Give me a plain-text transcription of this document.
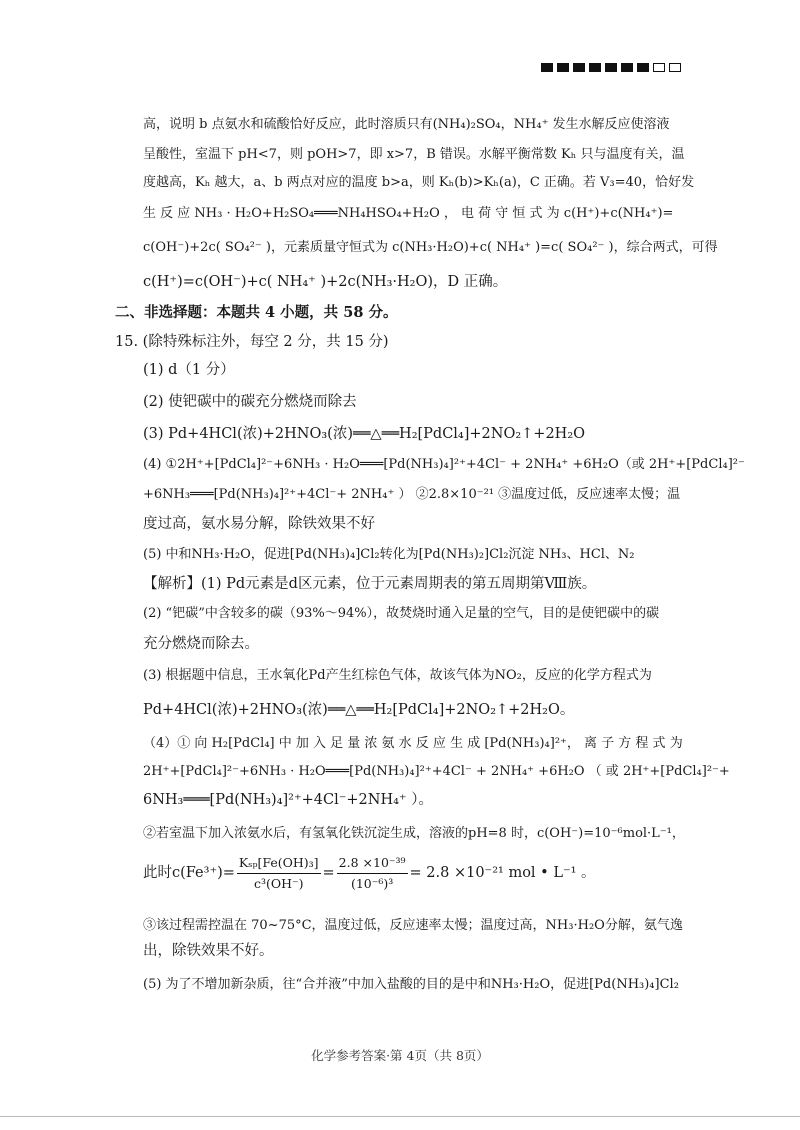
高，说明 b 点氨水和硫酸恰好反应，此时溶质只有(NH₄)₂SO₄，NH₄⁺ 发生水解反应使溶液
呈酸性，室温下 pH<7，则 pOH>7，即 x>7，B 错误。水解平衡常数 Kₕ 只与温度有关，温
度越高，Kₕ 越大，a、b 两点对应的温度 b>a，则 Kₕ(b)>Kₕ(a)，C 正确。若 V₃=40，恰好发
生 反 应 NH₃ · H₂O+H₂SO₄═══NH₄HSO₄+H₂O ， 电 荷 守 恒 式 为 c(H⁺)+c(NH₄⁺)=
c(OH⁻)+2c( SO₄²⁻ )，元素质量守恒式为 c(NH₃·H₂O)+c( NH₄⁺ )=c( SO₄²⁻ )，综合两式，可得
c(H⁺)=c(OH⁻)+c( NH₄⁺ )+2c(NH₃·H₂O)，D 正确。
二、非选择题：本题共 4 小题，共 58 分。
15. (除特殊标注外，每空 2 分，共 15 分)
(1) d（1 分）
(2) 使钯碳中的碳充分燃烧而除去
(3) Pd+4HCl(浓)+2HNO₃(浓)══△══H₂[PdCl₄]+2NO₂↑+2H₂O
(4) ①2H⁺+[PdCl₄]²⁻+6NH₃ · H₂O═══[Pd(NH₃)₄]²⁺+4Cl⁻ + 2NH₄⁺ +6H₂O（或 2H⁺+[PdCl₄]²⁻
+6NH₃═══[Pd(NH₃)₄]²⁺+4Cl⁻+ 2NH₄⁺ ） ②2.8×10⁻²¹ ③温度过低，反应速率太慢；温
度过高，氨水易分解，除铁效果不好
(5) 中和NH₃·H₂O，促进[Pd(NH₃)₄]Cl₂转化为[Pd(NH₃)₂]Cl₂沉淀 NH₃、HCl、N₂
【解析】(1) Pd元素是d区元素，位于元素周期表的第五周期第Ⅷ族。
(2) “钯碳”中含较多的碳（93%～94%），故焚烧时通入足量的空气，目的是使钯碳中的碳
充分燃烧而除去。
(3) 根据题中信息，王水氧化Pd产生红棕色气体，故该气体为NO₂，反应的化学方程式为
Pd+4HCl(浓)+2HNO₃(浓)══△══H₂[PdCl₄]+2NO₂↑+2H₂O。
（4）① 向 H₂[PdCl₄] 中 加 入 足 量 浓 氨 水 反 应 生 成 [Pd(NH₃)₄]²⁺， 离 子 方 程 式 为
2H⁺+[PdCl₄]²⁻+6NH₃ · H₂O═══[Pd(NH₃)₄]²⁺+4Cl⁻ + 2NH₄⁺ +6H₂O （ 或 2H⁺+[PdCl₄]²⁻+
6NH₃═══[Pd(NH₃)₄]²⁺+4Cl⁻+2NH₄⁺ ）。
②若室温下加入浓氨水后，有氢氧化铁沉淀生成，溶液的pH=8 时，c(OH⁻)=10⁻⁶mol·L⁻¹，
此时$c(Fe^{3+})= \frac{\text{Kₛₚ[Fe(OH)₃]}}{\text{c³(OH⁻)}} = \frac{\text{2.8 ×10⁻³⁹}}{\text{(10⁻⁶)³}} = 2.8 \times 10^{-21}$ mol • L⁻¹ 。
化学参考答案·第 4页（共 8页）
③该过程需控温在 70~75°C，温度过低，反应速率太慢；温度过高，NH₃·H₂O分解，氨气逸
出，除铁效果不好。
(5) 为了不增加新杂质，往“合并液”中加入盐酸的目的是中和NH₃·H₂O，促进[Pd(NH₃)₄]Cl₂
